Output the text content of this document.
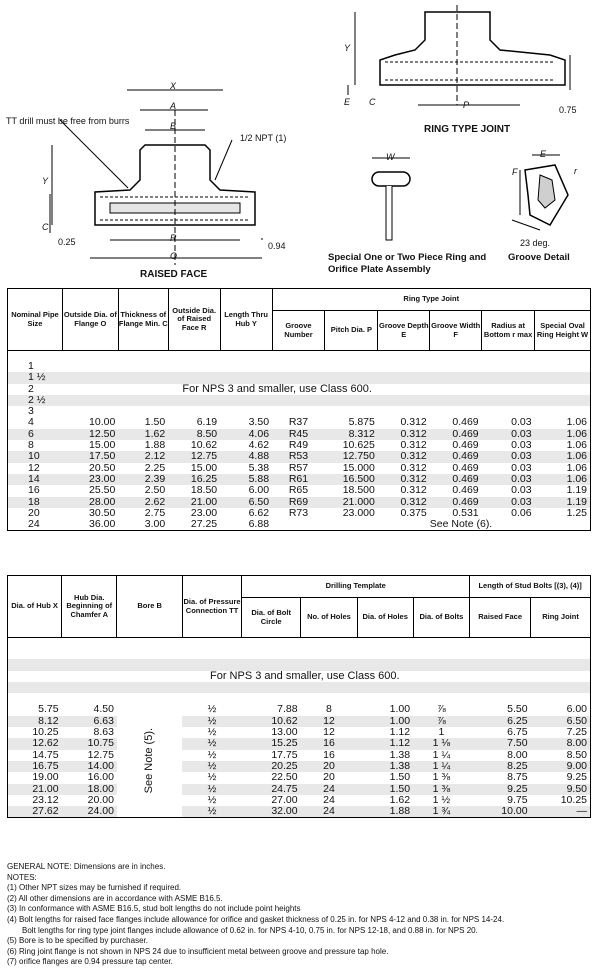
TT drill must be free from burrs
1/2 NPT (1)
X
A
B
Y
C
R
O
0.25	0.94
RAISED FACE
Y
E C	P	0.75
RING TYPE JOINT
W
Special One or Two Piece Ring and Orifice Plate Assembly
E
F	r
23 deg.
Groove Detail
Nominal Pipe Size	Outside Dia. of Flange O	Thickness of Flange Min. C	Outside Dia. of Raised Face R	Length Thru Hub Y	Ring Type Joint					
					Groove Number	Pitch Dia. P	Groove Depth E	Groove Width F	Radius at Bottom r max	Special Oval Ring Height W

1										
1 ½										
2	For NPS 3 and smaller, use Class 600.									
2 ½										
3										
4	10.00	1.50	6.19	3.50	R37	5.875	0.312	0.469	0.03	1.06
6	12.50	1.62	8.50	4.06	R45	8.312	0.312	0.469	0.03	1.06
8	15.00	1.88	10.62	4.62	R49	10.625	0.312	0.469	0.03	1.06
10	17.50	2.12	12.75	4.88	R53	12.750	0.312	0.469	0.03	1.06
12	20.50	2.25	15.00	5.38	R57	15.000	0.312	0.469	0.03	1.06
14	23.00	2.39	16.25	5.88	R61	16.500	0.312	0.469	0.03	1.06
16	25.50	2.50	18.50	6.00	R65	18.500	0.312	0.469	0.03	1.19
18	28.00	2.62	21.00	6.50	R69	21.000	0.312	0.469	0.03	1.19
20	30.50	2.75	23.00	6.62	R73	23.000	0.375	0.531	0.06	1.25
24	36.00	3.00	27.25	6.88	See Note (6).					
Dia. of Hub X	Hub Dia. Beginning of Chamfer A	Bore B	Dia. of Pressure Connection TT	Drilling Template				Length of Stud Bolts [(3), (4)]	
				Dia. of Bolt Circle	No. of Holes	Dia. of Holes	Dia. of Bolts	Raised Face	Ring Joint

For NPS 3 and smaller, use Class 600.									

5.75	4.50	See Note (5).	½	7.88	8	1.00	⅞	5.50	6.00
8.12	6.63		½	10.62	12	1.00	⅞	6.25	6.50
10.25	8.63		½	13.00	12	1.12	1	6.75	7.25
12.62	10.75		½	15.25	16	1.12	1 ⅛	7.50	8.00
14.75	12.75		½	17.75	16	1.38	1 ¼	8.00	8.50
16.75	14.00		½	20.25	20	1.38	1 ¼	8.25	9.00
19.00	16.00		½	22.50	20	1.50	1 ⅜	8.75	9.25
21.00	18.00		½	24.75	24	1.50	1 ⅜	9.25	9.50
23.12	20.00		½	27.00	24	1.62	1 ½	9.75	10.25
27.62	24.00		½	32.00	24	1.88	1 ¾	10.00	—
GENERAL NOTE: Dimensions are in inches.
NOTES:
(1) Other NPT sizes may be furnished if required.
(2) All other dimensions are in accordance with ASME B16.5.
(3) In conformance with ASME B16.5, stud bolt lengths do not include point heights
(4) Bolt lengths for raised face flanges include allowance for orifice and gasket thickness of 0.25 in. for NPS 4-12 and 0.38 in. for NPS 14-24.
Bolt lengths for ring type joint flanges include allowance of 0.62 in. for NPS 4-10, 0.75 in. for NPS 12-18, and 0.88 in. for NPS 20.
(5) Bore is to be specified by purchaser.
(6) Ring joint flange is not shown in NPS 24 due to insufficient metal between groove and pressure tap hole.
(7) orifice flanges are 0.94 pressure tap center.
